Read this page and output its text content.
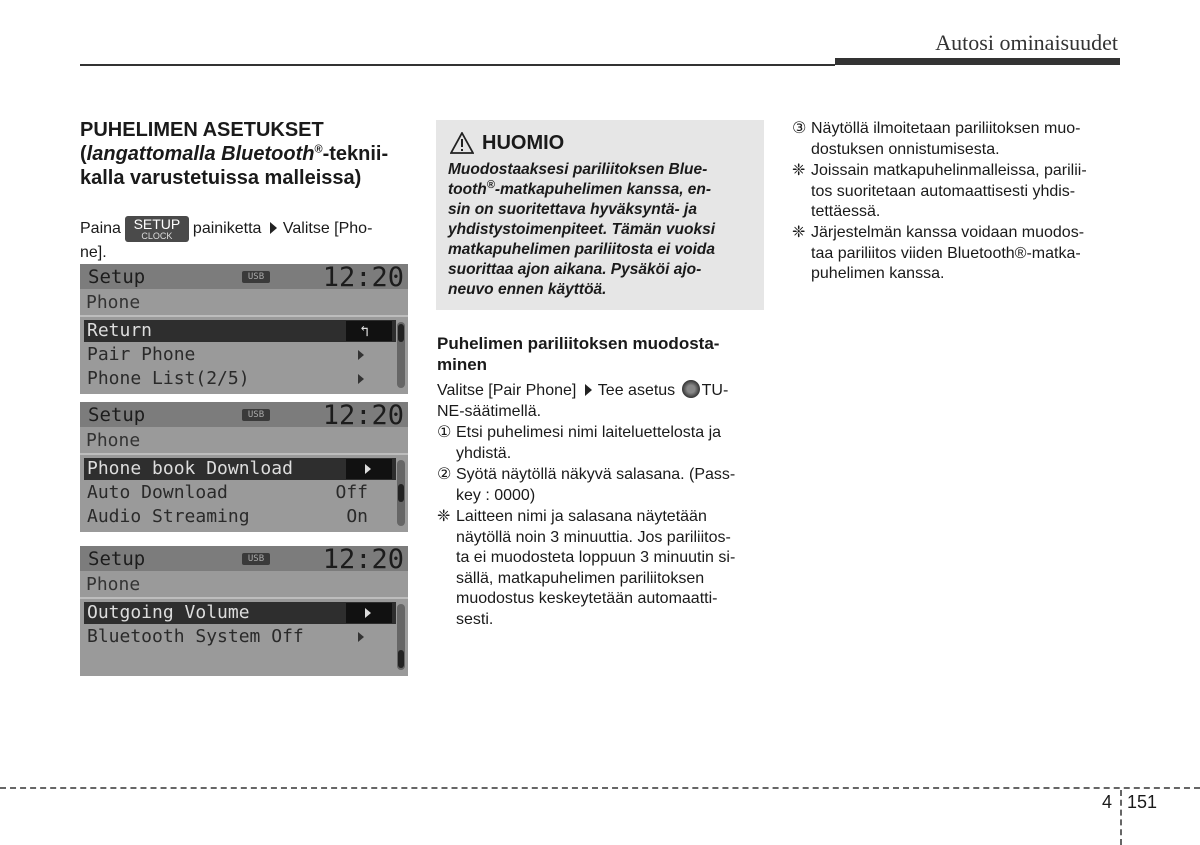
Autosi ominaisuudet
PUHELIMEN ASETUKSET
(langattomalla Bluetooth®-teknii-
kalla varustetuissa malleissa)
Paina SETUP
CLOCK	painiketta Valitse [Pho-
ne].
Setup	USB 12:20
Phone
Return	↰
Pair Phone
Phone List(2/5)
Setup	USB 12:20
Phone
Phone book Download
Auto Download	Off
Audio Streaming	On
Setup	USB 12:20
Phone
Outgoing Volume
Bluetooth System Off
HUOMIO
Muodostaaksesi pariliitoksen Blue-
tooth®-matkapuhelimen kanssa, en-
sin on suoritettava hyväksyntä- ja
yhdistystoimenpiteet. Tämän vuoksi
matkapuhelimen pariliitosta ei voida
suorittaa ajon aikana. Pysäköi ajo-
neuvo ennen käyttöä.
Puhelimen pariliitoksen muodosta-
minen
Valitse [Pair Phone] Tee asetus TU-
NE-säätimellä.
① Etsi puhelimesi nimi laiteluettelosta ja
yhdistä.
② Syötä näytöllä näkyvä salasana. (Pass-
key : 0000)
❈ Laitteen nimi ja salasana näytetään
näytöllä noin 3 minuuttia. Jos pariliitos-
ta ei muodosteta loppuun 3 minuutin si-
sällä, matkapuhelimen pariliitoksen
muodostus keskeytetään automaatti-
sesti.
③ Näytöllä ilmoitetaan pariliitoksen muo-
dostuksen onnistumisesta.
❈ Joissain matkapuhelinmalleissa, parilii-
tos suoritetaan automaattisesti yhdis-
tettäessä.
❈ Järjestelmän kanssa voidaan muodos-
taa pariliitos viiden Bluetooth®-matka-
puhelimen kanssa.
4 151
